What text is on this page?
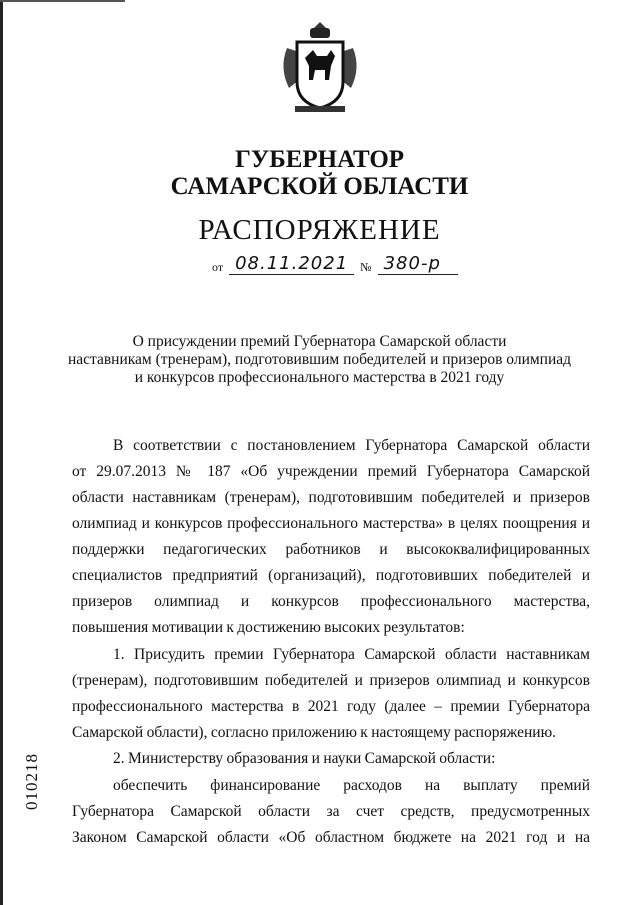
ГУБЕРНАТОР
САМАРСКОЙ ОБЛАСТИ
РАСПОРЯЖЕНИЕ
от 08.11.2021	№ 380-р
О присуждении премий Губернатора Самарской области
наставникам (тренерам), подготовившим победителей и призеров олимпиад
и конкурсов профессионального мастерства в 2021 году
В соответствии с постановлением Губернатора Самарской области
от 29.07.2013 № 187 «Об учреждении премий Губернатора Самарской
области наставникам (тренерам), подготовившим победителей и призеров
олимпиад и конкурсов профессионального мастерства» в целях поощрения и
поддержки педагогических работников и высококвалифицированных
специалистов предприятий (организаций), подготовивших победителей и
призеров олимпиад и конкурсов профессионального мастерства,
повышения мотивации к достижению высоких результатов:
1. Присудить премии Губернатора Самарской области наставникам
(тренерам), подготовившим победителей и призеров олимпиад и конкурсов
профессионального мастерства в 2021 году (далее – премии Губернатора
Самарской области), согласно приложению к настоящему распоряжению.
2. Министерству образования и науки Самарской области:
обеспечить финансирование расходов на выплату премий
Губернатора Самарской области за счет средств, предусмотренных
Законом Самарской области «Об областном бюджете на 2021 год и на
010218
